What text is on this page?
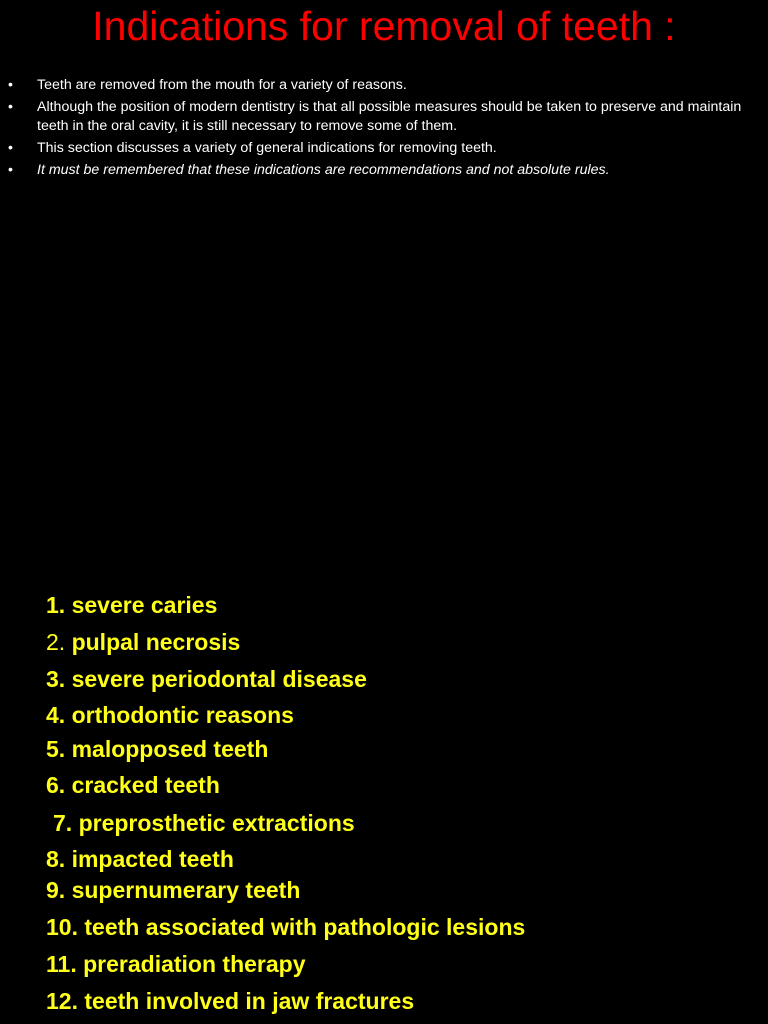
Indications for removal of teeth :
• Teeth are removed from the mouth for a variety of reasons.
• Although the position of modern dentistry is that all possible measures should be taken to preserve and maintain teeth in the oral cavity, it is still necessary to remove some of them.
• This section discusses a variety of general indications for removing teeth.
• It must be remembered that these indications are recommendations and not absolute rules.
1. severe caries
2. pulpal necrosis
3. severe periodontal disease
4. orthodontic reasons
5. malopposed teeth
6. cracked teeth
7. preprosthetic extractions
8. impacted teeth
9. supernumerary teeth
10. teeth associated with pathologic lesions
11. preradiation therapy
12. teeth involved in jaw fractures
